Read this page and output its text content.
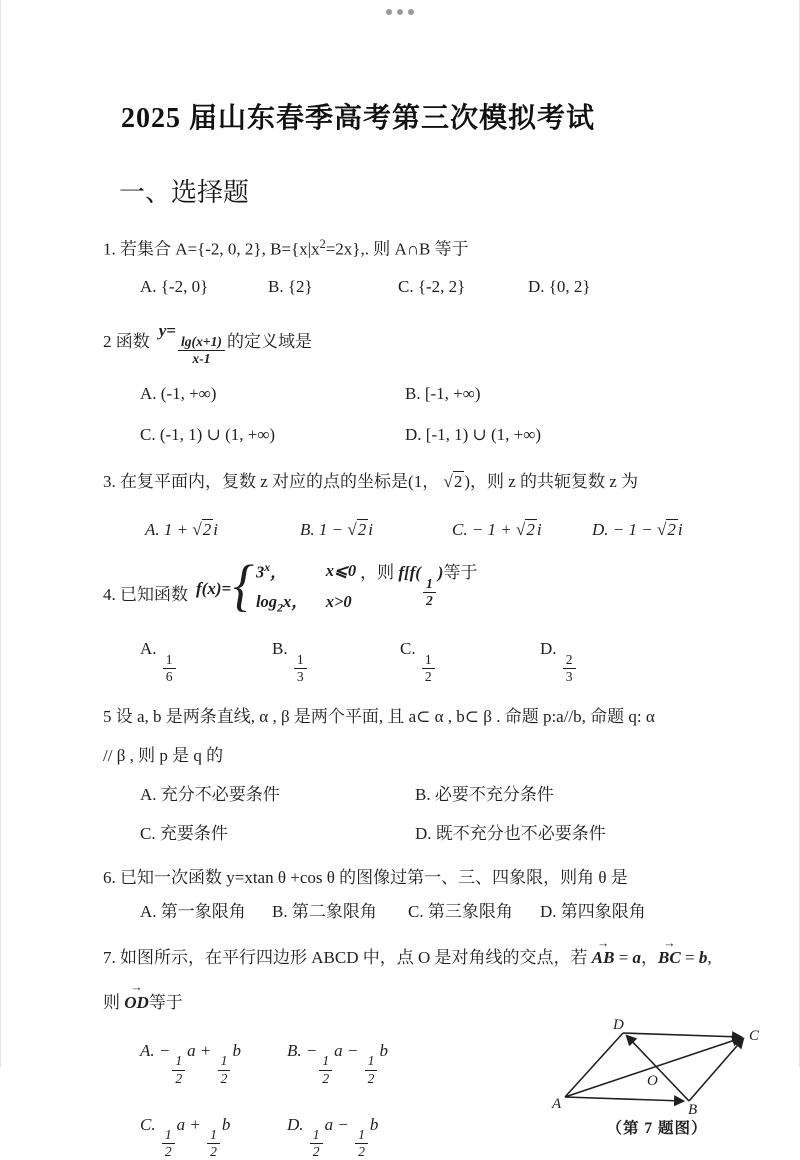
2025 届山东春季高考第三次模拟考试
一、选择题
1. 若集合 A={-2, 0, 2}, $B=\{x|x^2=2x\}$,. 则 A∩B 等于
A. {-2, 0}	B. {2}	C. {-2, 2}	D. {0, 2}
2 函数
y=
$\frac{\lg(x+1)}{x-1}$ 的定义域是
A. (-1, +∞)	B. [-1, +∞)
C. (-1, 1) ∪ (1, +∞)	D. [-1, 1) ∪ (1, +∞)
3. 在复平面内，复数 z 对应的点的坐标是(1， √2 )，则 z 的共轭复数 z 为
A. 1 + √2 i	B. 1 − √2 i	C. − 1 + √2 i	D. − 1 − √2 i
4. 已知函数 f(x)= { 3$^x$，	x⩽0
$\log_2x$， x>0
，则 f[f(
$\frac{1}{2}$
)等于
A.
$\frac{1}{6}$
B.
$\frac{1}{3}$
C.
$\frac{1}{2}$
D.
$\frac{2}{3}$
5 设 a, b 是两条直线, α , β 是两个平面, 且 a⊂ α , b⊂ β . 命题 p:a//b, 命题 q: α
// β , 则 p 是 q 的
A. 充分不必要条件	B. 必要不充分条件
C. 充要条件	D. 既不充分也不必要条件
6. 已知一次函数 y=xtan θ +cos θ 的图像过第一、三、四象限，则角 θ 是
A. 第一象限角	B. 第二象限角	C. 第三象限角	D. 第四象限角
7. 如图所示，在平行四边形 ABCD 中，点 O 是对角线的交点，若 → AB = a，→ BC = b,
则 → OD等于
A. −
$\frac{1}{2}$
a +
$\frac{1}{2}$
b	B. −
$\frac{1}{2}$
a −
$\frac{1}{2}$
b
C.
$\frac{1}{2}$
a +
$\frac{1}{2}$
b	D.
$\frac{1}{2}$
a −
$\frac{1}{2}$
b
A	B
C
D
O
（第 7 题图）
